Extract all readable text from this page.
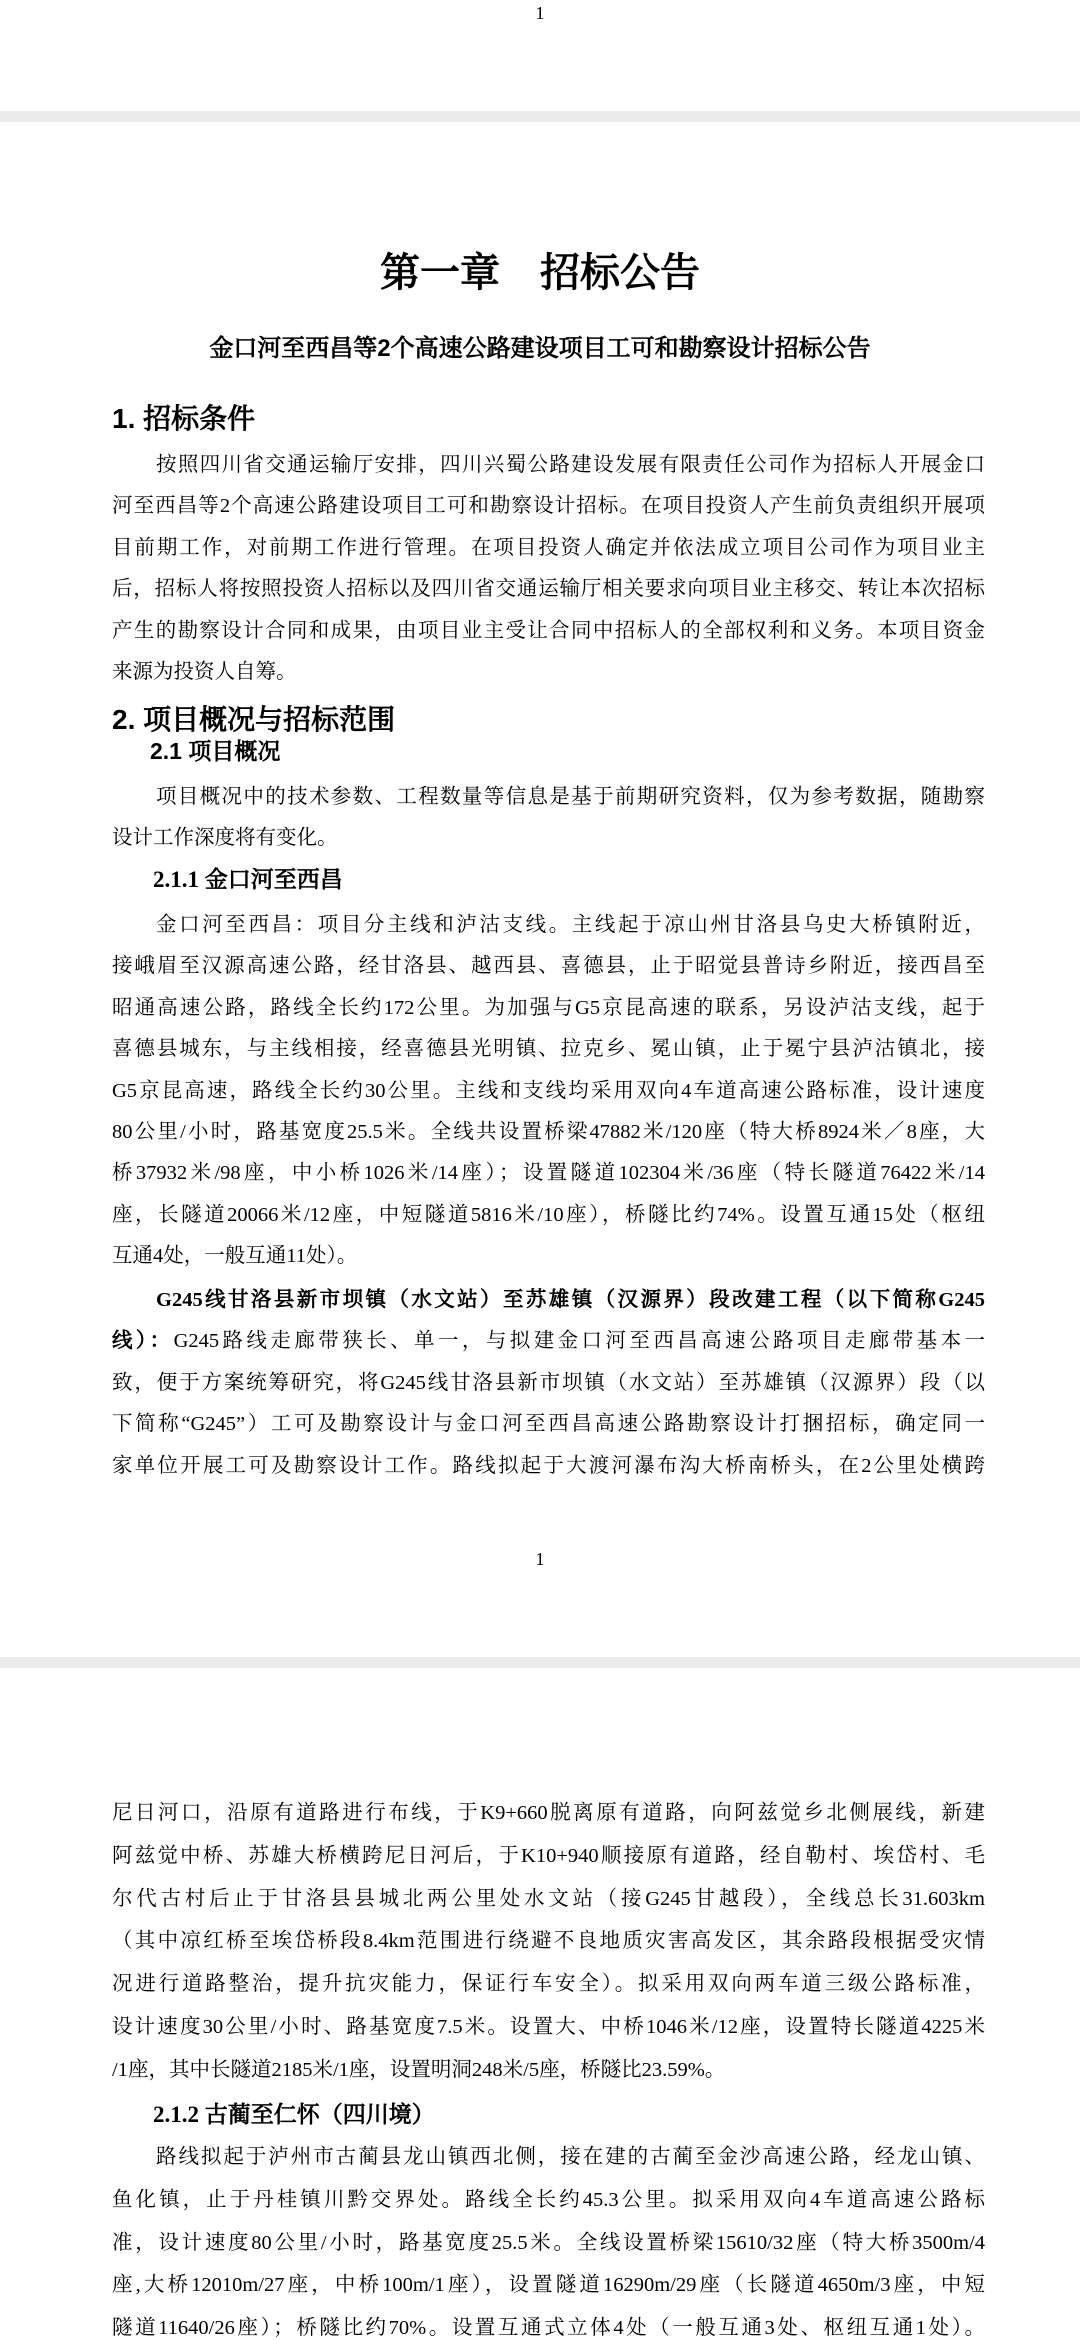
1
第一章　招标公告
金口河至西昌等2个高速公路建设项目工可和勘察设计招标公告
1. 招标条件
按照四川省交通运输厅安排，四川兴蜀公路建设发展有限责任公司作为招标人开展金口
河至西昌等2个高速公路建设项目工可和勘察设计招标。在项目投资人产生前负责组织开展项
目前期工作，对前期工作进行管理。在项目投资人确定并依法成立项目公司作为项目业主
后，招标人将按照投资人招标以及四川省交通运输厅相关要求向项目业主移交、转让本次招标
产生的勘察设计合同和成果，由项目业主受让合同中招标人的全部权利和义务。本项目资金
来源为投资人自筹。
2. 项目概况与招标范围
2.1 项目概况
项目概况中的技术参数、工程数量等信息是基于前期研究资料，仅为参考数据，随勘察
设计工作深度将有变化。
2.1.1 金口河至西昌
金口河至西昌：项目分主线和泸沽支线。主线起于凉山州甘洛县乌史大桥镇附近，
接峨眉至汉源高速公路，经甘洛县、越西县、喜德县，止于昭觉县普诗乡附近，接西昌至
昭通高速公路，路线全长约172公里。为加强与G5京昆高速的联系，另设泸沽支线，起于
喜德县城东，与主线相接，经喜德县光明镇、拉克乡、冕山镇，止于冕宁县泸沽镇北，接
G5京昆高速，路线全长约30公里。主线和支线均采用双向4车道高速公路标准，设计速度
80公里/小时，路基宽度25.5米。全线共设置桥梁47882米/120座（特大桥8924米／8座，大
桥37932米/98座，中小桥1026米/14座）；设置隧道102304米/36座（特长隧道76422米/14
座，长隧道20066米/12座，中短隧道5816米/10座），桥隧比约74%。设置互通15处（枢纽
互通4处，一般互通11处）。
G245线甘洛县新市坝镇（水文站）至苏雄镇（汉源界）段改建工程（以下简称G245
线）：G245路线走廊带狭长、单一，与拟建金口河至西昌高速公路项目走廊带基本一
致，便于方案统筹研究，将G245线甘洛县新市坝镇（水文站）至苏雄镇（汉源界）段（以
下简称“G245”）工可及勘察设计与金口河至西昌高速公路勘察设计打捆招标，确定同一
家单位开展工可及勘察设计工作。路线拟起于大渡河瀑布沟大桥南桥头，在2公里处横跨
1
尼日河口，沿原有道路进行布线，于K9+660脱离原有道路，向阿兹觉乡北侧展线，新建
阿兹觉中桥、苏雄大桥横跨尼日河后，于K10+940顺接原有道路，经自勒村、埃岱村、毛
尔代古村后止于甘洛县县城北两公里处水文站（接G245甘越段），全线总长31.603km
（其中凉红桥至埃岱桥段8.4km范围进行绕避不良地质灾害高发区，其余路段根据受灾情
况进行道路整治，提升抗灾能力，保证行车安全）。拟采用双向两车道三级公路标准，
设计速度30公里/小时、路基宽度7.5米。设置大、中桥1046米/12座，设置特长隧道4225米
/1座，其中长隧道2185米/1座，设置明洞248米/5座，桥隧比23.59%。
2.1.2 古蔺至仁怀（四川境）
路线拟起于泸州市古蔺县龙山镇西北侧，接在建的古蔺至金沙高速公路，经龙山镇、
鱼化镇，止于丹桂镇川黔交界处。路线全长约45.3公里。拟采用双向4车道高速公路标
准，设计速度80公里/小时，路基宽度25.5米。全线设置桥梁15610/32座（特大桥3500m/4
座,大桥12010m/27座，中桥100m/1座），设置隧道16290m/29座（长隧道4650m/3座，中短
隧道11640/26座）；桥隧比约70%。设置互通式立体4处（一般互通3处、枢纽互通1处）。
